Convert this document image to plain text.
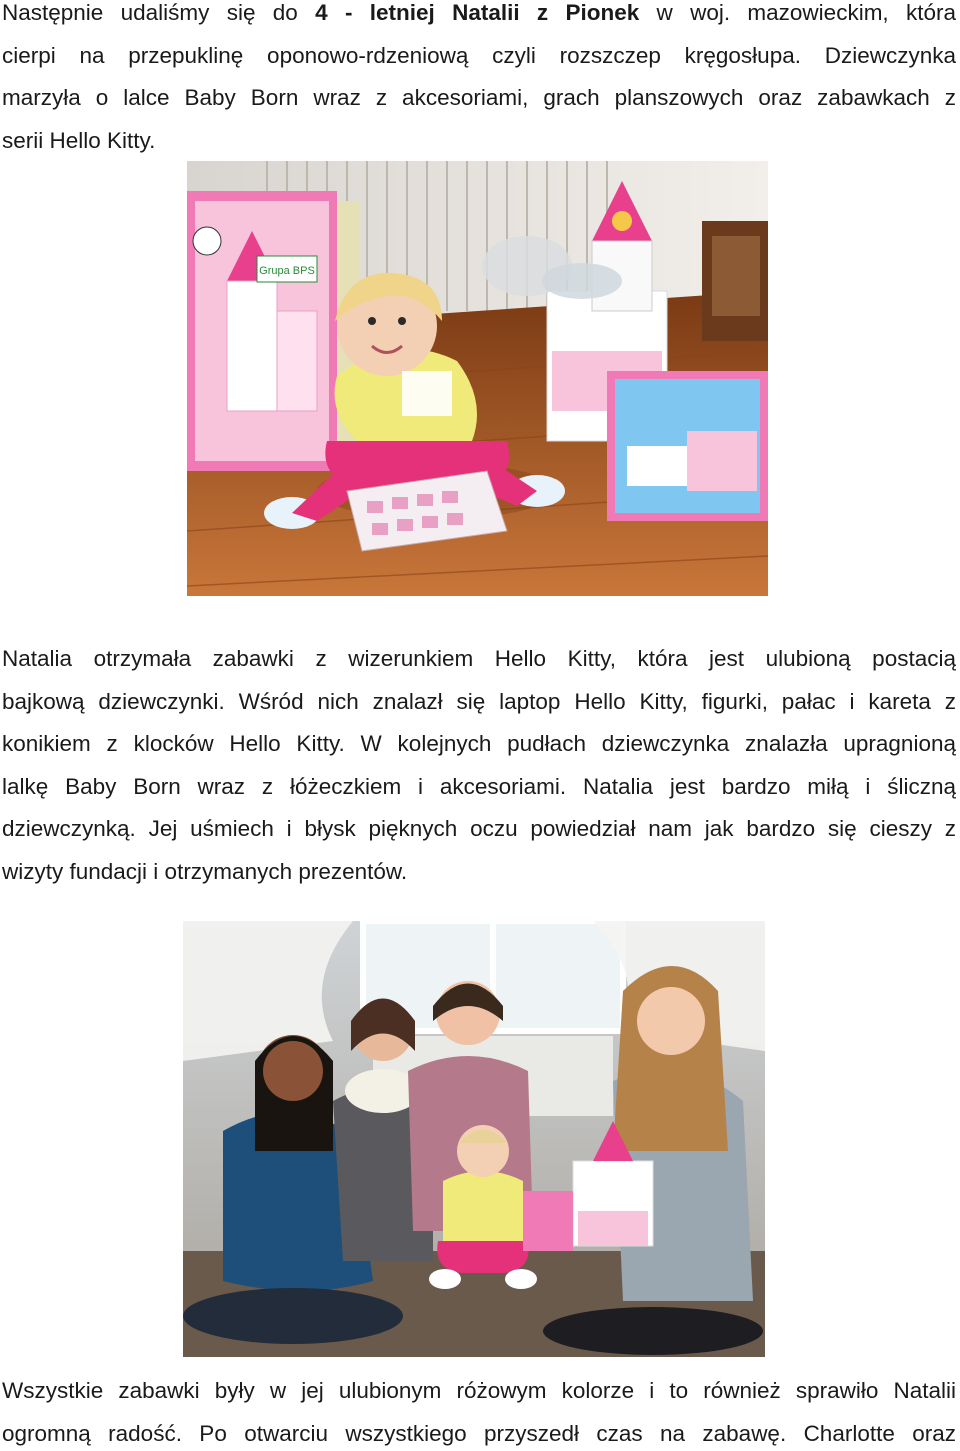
Następnie udaliśmy się do 4 - letniej Natalii z Pionek w woj. mazowieckim, która
cierpi na przepuklinę oponowo-rdzeniową czyli rozszczep kręgosłupa. Dziewczynka
marzyła o lalce Baby Born wraz z akcesoriami, grach planszowych oraz zabawkach z
serii Hello Kitty.
Grupa BPS
Natalia otrzymała zabawki z wizerunkiem Hello Kitty, która jest ulubioną postacią
bajkową dziewczynki. Wśród nich znalazł się laptop Hello Kitty, figurki, pałac i kareta z
konikiem z klocków Hello Kitty. W kolejnych pudłach dziewczynka znalazła upragnioną
lalkę Baby Born wraz z łóżeczkiem i akcesoriami. Natalia jest bardzo miłą i śliczną
dziewczynką. Jej uśmiech i błysk pięknych oczu powiedział nam jak bardzo się cieszy z
wizyty fundacji i otrzymanych prezentów.
Wszystkie zabawki były w jej ulubionym różowym kolorze i to również sprawiło Natalii
ogromną radość. Po otwarciu wszystkiego przyszedł czas na zabawę. Charlotte oraz
